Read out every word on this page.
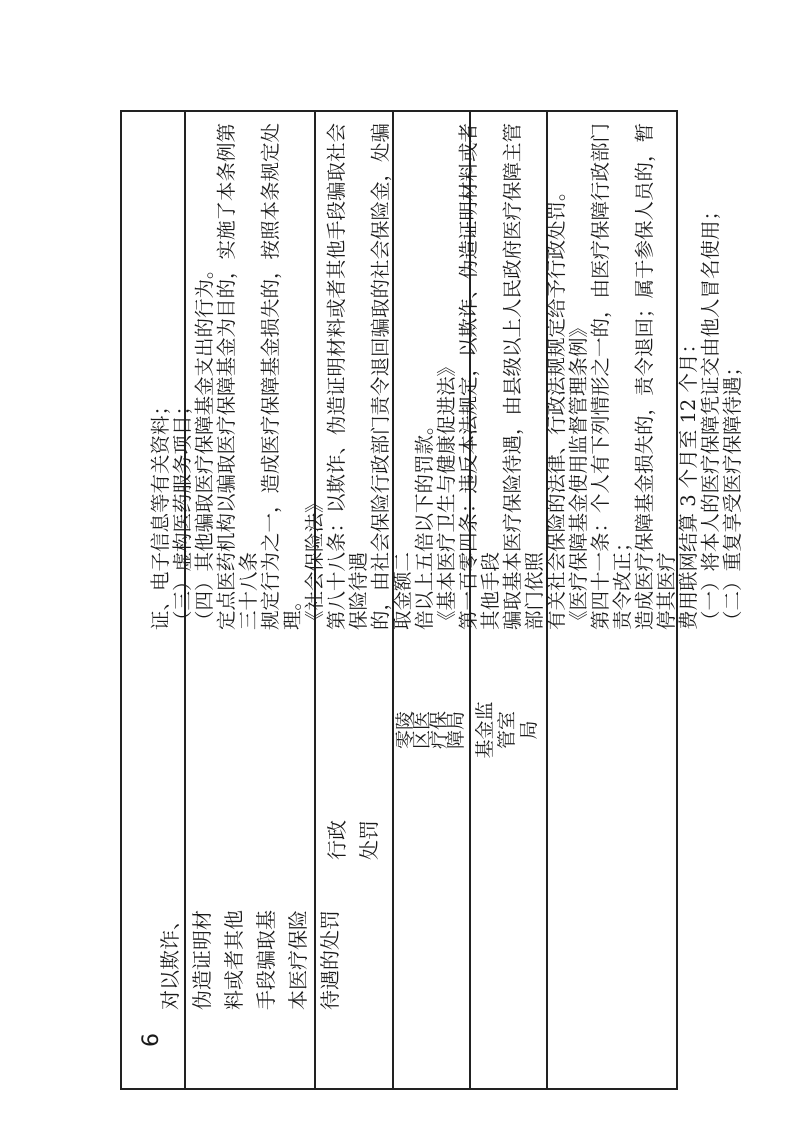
6
对以欺诈、 伪造证明材 料或者其他 手段骗取基 本医疗保险 待遇的处罚
行政 处罚
零陵
区医
疗保
障局 基金监 管室 局
证、电子信息等有关资料； （三）虚构医药服务项目； （四）其他骗取医疗保障基金支出的行为。 定点医药机构以骗取医疗保障基金为目的，实施了本条例第三十八条 规定行为之一，造成医疗保障基金损失的，按照本条规定处理。 《社会保险法》 第八十八条：以欺诈、伪造证明材料或者其他手段骗取社会保险待遇 的，由社会保险行政部门责令退回骗取的社会保险金，处骗取金额二 倍以上五倍以下的罚款。 《基本医疗卫生与健康促进法》 第一百零四条：违反本法规定，以欺诈、伪造证明材料或者其他手段 骗取基本医疗保险待遇，由县级以上人民政府医疗保障主管部门依照 有关社会保险的法律、行政法规规定给予行政处罚。 《医疗保障基金使用监督管理条例》 第四十一条：个人有下列情形之一的，由医疗保障行政部门责令改正； 造成医疗保障基金损失的，责令退回；属于参保人员的，暂停其医疗 费用联网结算 3 个月至 12 个月： （一）将本人的医疗保障凭证交由他人冒名使用； （二）重复享受医疗保障待遇；
